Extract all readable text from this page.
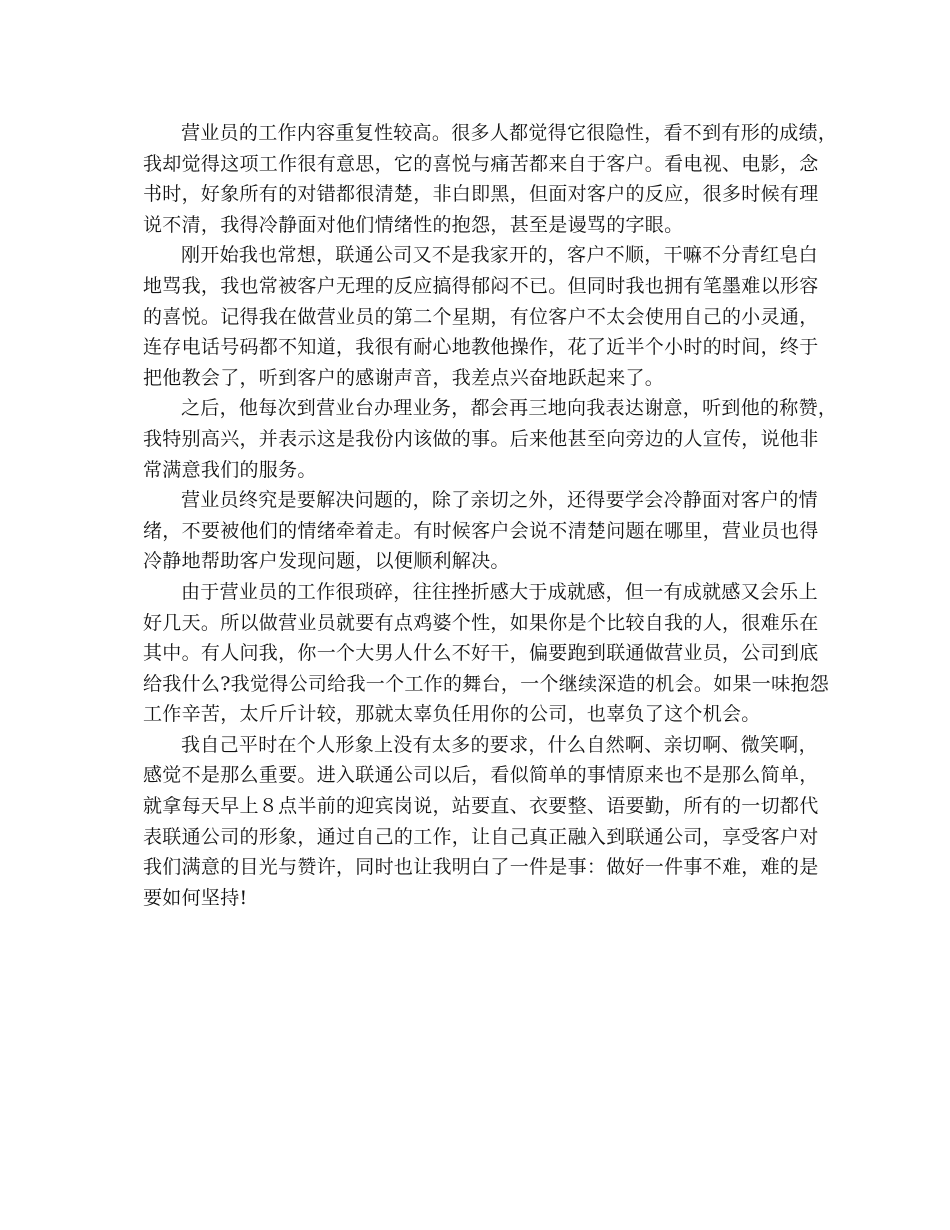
营业员的工作内容重复性较高。很多人都觉得它很隐性，看不到有形的成绩，
我却觉得这项工作很有意思，它的喜悦与痛苦都来自于客户。看电视、电影，念
书时，好象所有的对错都很清楚，非白即黑，但面对客户的反应，很多时候有理
说不清，我得冷静面对他们情绪性的抱怨，甚至是谩骂的字眼。
刚开始我也常想，联通公司又不是我家开的，客户不顺，干嘛不分青红皂白
地骂我，我也常被客户无理的反应搞得郁闷不已。但同时我也拥有笔墨难以形容
的喜悦。记得我在做营业员的第二个星期，有位客户不太会使用自己的小灵通，
连存电话号码都不知道，我很有耐心地教他操作，花了近半个小时的时间，终于
把他教会了，听到客户的感谢声音，我差点兴奋地跃起来了。
之后，他每次到营业台办理业务，都会再三地向我表达谢意，听到他的称赞，
我特别高兴，并表示这是我份内该做的事。后来他甚至向旁边的人宣传，说他非
常满意我们的服务。
营业员终究是要解决问题的，除了亲切之外，还得要学会冷静面对客户的情
绪，不要被他们的情绪牵着走。有时候客户会说不清楚问题在哪里，营业员也得
冷静地帮助客户发现问题，以便顺利解决。
由于营业员的工作很琐碎，往往挫折感大于成就感，但一有成就感又会乐上
好几天。所以做营业员就要有点鸡婆个性，如果你是个比较自我的人，很难乐在
其中。有人问我，你一个大男人什么不好干，偏要跑到联通做营业员，公司到底
给我什么?我觉得公司给我一个工作的舞台，一个继续深造的机会。如果一味抱怨
工作辛苦，太斤斤计较，那就太辜负任用你的公司，也辜负了这个机会。
我自己平时在个人形象上没有太多的要求，什么自然啊、亲切啊、微笑啊，
感觉不是那么重要。进入联通公司以后，看似简单的事情原来也不是那么简单，
就拿每天早上８点半前的迎宾岗说，站要直、衣要整、语要勤，所有的一切都代
表联通公司的形象，通过自己的工作，让自己真正融入到联通公司，享受客户对
我们满意的目光与赞许，同时也让我明白了一件是事：做好一件事不难，难的是
要如何坚持!
